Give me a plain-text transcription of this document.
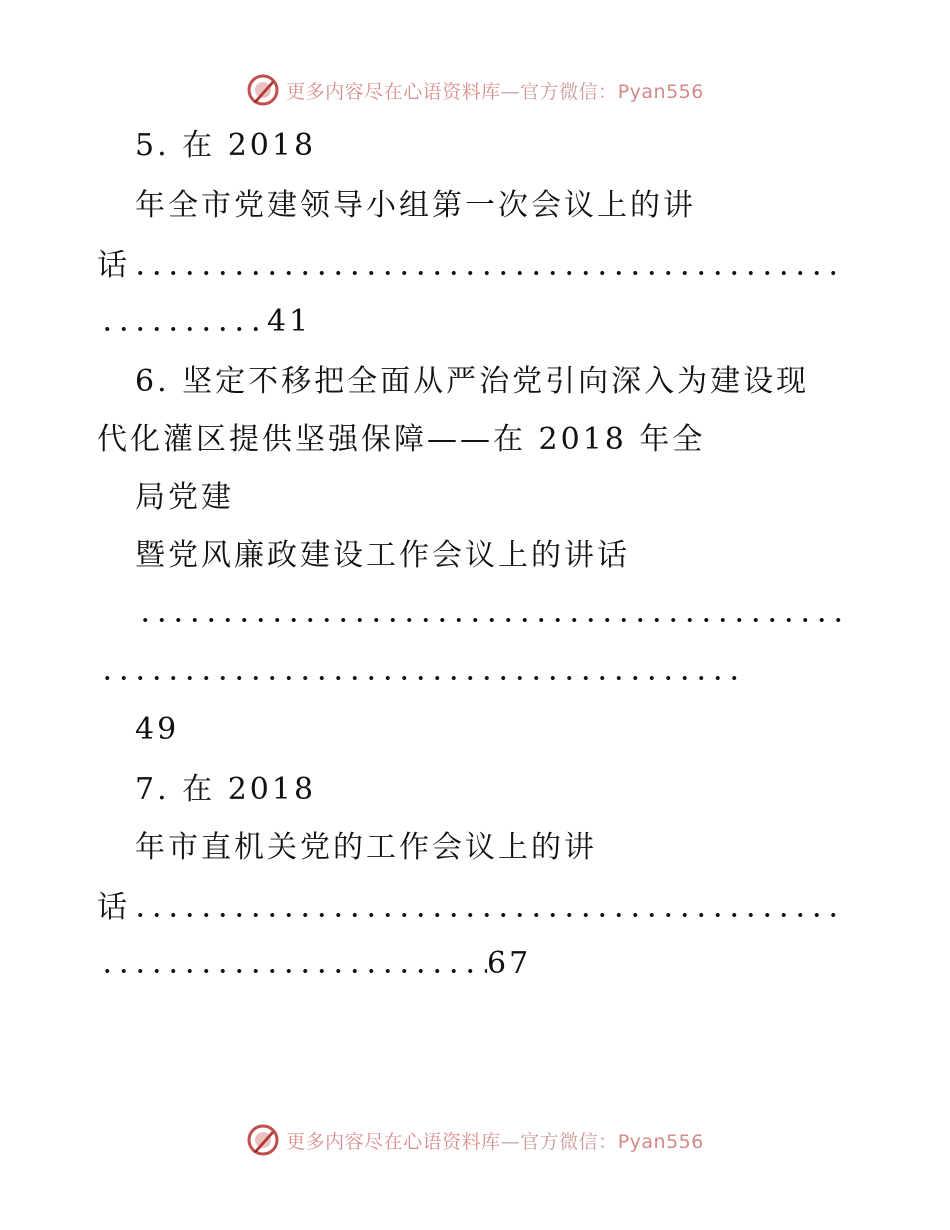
更多内容尽在心语资料库—官方微信：Pyan556
5. 在 2018
年全市党建领导小组第一次会议上的讲
话
41
6. 坚定不移把全面从严治党引向深入为建设现
代化灌区提供坚强保障——在 2018 年全
局党建
暨党风廉政建设工作会议上的讲话
49
7. 在 2018
年市直机关党的工作会议上的讲
话
67
更多内容尽在心语资料库—官方微信：Pyan556
